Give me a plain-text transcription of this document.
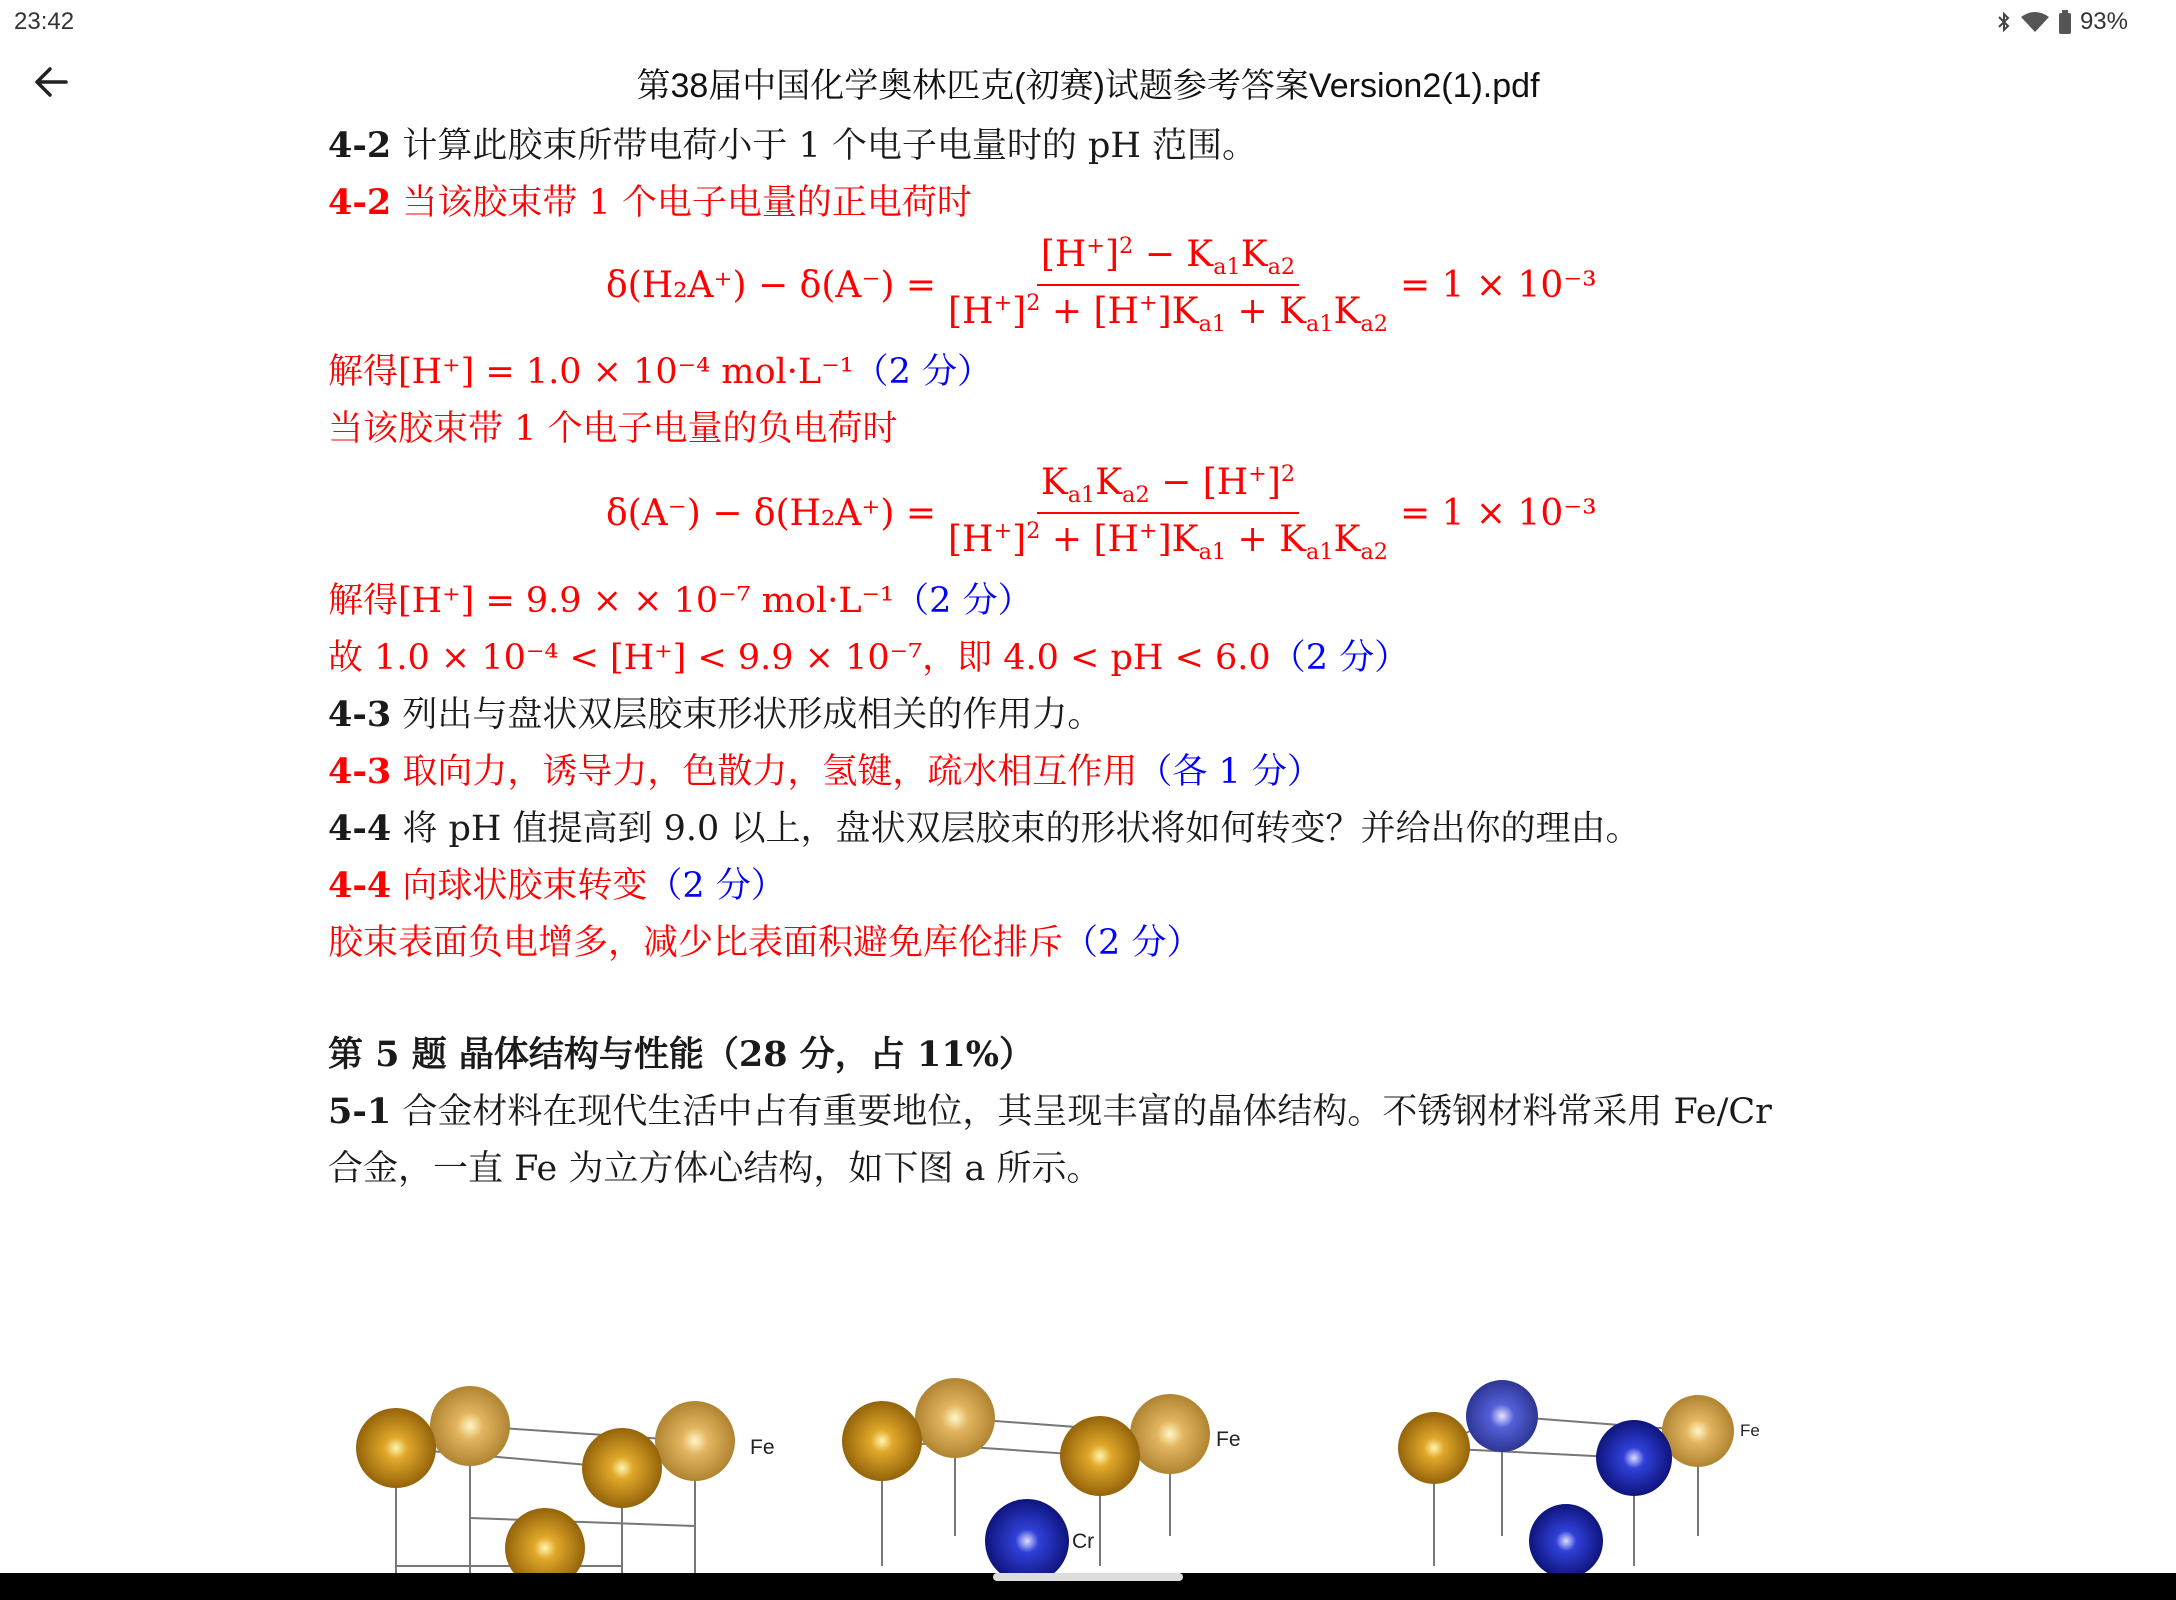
23:42	93%
第38届中国化学奥林匹克(初赛)试题参考答案Version2(1).pdf
4-2 计算此胶束所带电荷小于 1 个电子电量时的 pH 范围。
4-2 当该胶束带 1 个电子电量的正电荷时
$\delta(H_2A^+) - \delta(A^-) = \frac{[H^+]^2 - K_{a1}K_{a2}}{[H^+]^2 + [H^+]K_{a1} + K_{a1}K_{a2}} = 1 \times 10^{-3}$
解得[H⁺] = 1.0 × 10⁻⁴ mol·L⁻¹（2 分）
当该胶束带 1 个电子电量的负电荷时
$\delta(A^-) - \delta(H_2A^+) = \frac{K_{a1}K_{a2} - [H^+]^2}{[H^+]^2 + [H^+]K_{a1} + K_{a1}K_{a2}} = 1 \times 10^{-3}$
解得[H⁺] = 9.9 × × 10⁻⁷ mol·L⁻¹（2 分）
故 1.0 × 10⁻⁴ < [H⁺] < 9.9 × 10⁻⁷，即 4.0 < pH < 6.0（2 分）
4-3 列出与盘状双层胶束形状形成相关的作用力。
4-3 取向力，诱导力，色散力，氢键，疏水相互作用（各 1 分）
4-4 将 pH 值提高到 9.0 以上，盘状双层胶束的形状将如何转变？并给出你的理由。
4-4 向球状胶束转变（2 分）
胶束表面负电增多，减少比表面积避免库伦排斥（2 分）
第 5 题 晶体结构与性能（28 分，占 11%）
5-1 合金材料在现代生活中占有重要地位，其呈现丰富的晶体结构。不锈钢材料常采用 Fe/Cr
合金，一直 Fe 为立方体心结构，如下图 a 所示。
Fe	Fe
Cr
Fe
